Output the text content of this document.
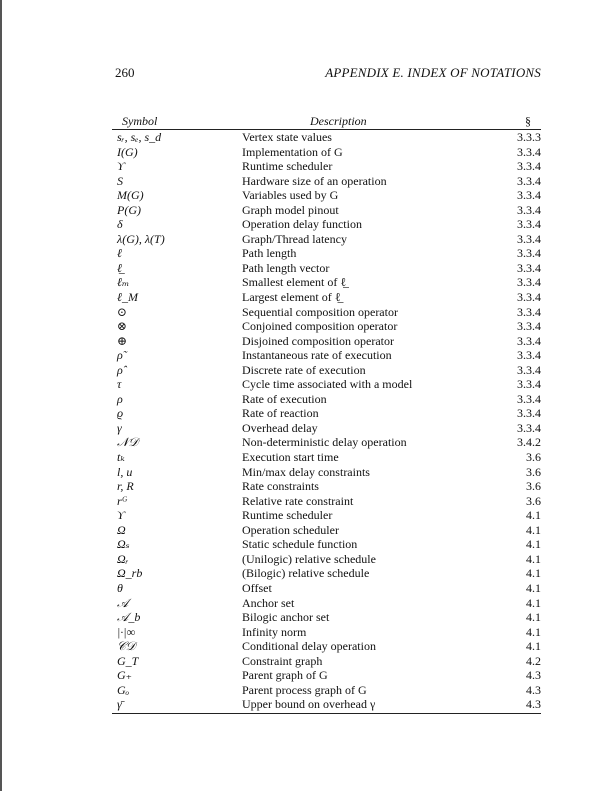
260	APPENDIX E. INDEX OF NOTATIONS
Symbol	Description	§
sᵣ, sₑ, s_d	Vertex state values	3.3.3
I(G)	Implementation of G	3.3.4
ϒ	Runtime scheduler	3.3.4
S	Hardware size of an operation	3.3.4
M(G)	Variables used by G	3.3.4
P(G)	Graph model pinout	3.3.4
δ	Operation delay function	3.3.4
λ(G), λ(T)	Graph/Thread latency	3.3.4
ℓ	Path length	3.3.4
ℓ̲	Path length vector	3.3.4
ℓₘ	Smallest element of ℓ̲	3.3.4
ℓ_M	Largest element of ℓ̲	3.3.4
⊙	Sequential composition operator	3.3.4
⊗	Conjoined composition operator	3.3.4
⊕	Disjoined composition operator	3.3.4
ρ̃	Instantaneous rate of execution	3.3.4
ρ̂	Discrete rate of execution	3.3.4
τ	Cycle time associated with a model	3.3.4
ρ	Rate of execution	3.3.4
ϱ	Rate of reaction	3.3.4
γ	Overhead delay	3.3.4
𝒩𝒟	Non-deterministic delay operation	3.4.2
tₖ	Execution start time	3.6
l, u	Min/max delay constraints	3.6
r, R	Rate constraints	3.6
rᴳ	Relative rate constraint	3.6
ϒ	Runtime scheduler	4.1
Ω	Operation scheduler	4.1
Ωₛ	Static schedule function	4.1
Ωᵣ	(Unilogic) relative schedule	4.1
Ω_rb	(Bilogic) relative schedule	4.1
θ	Offset	4.1
𝒜	Anchor set	4.1
𝒜_b	Bilogic anchor set	4.1
|·|∞	Infinity norm	4.1
𝒞𝒟	Conditional delay operation	4.1
G_T	Constraint graph	4.2
G₊	Parent graph of G	4.3
Gₒ	Parent process graph of G	4.3
γ̄	Upper bound on overhead γ	4.3
